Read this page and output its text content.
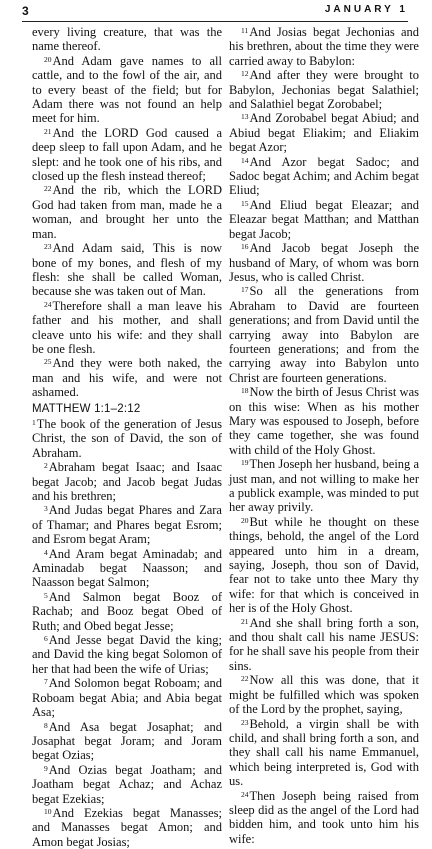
3	JANUARY 1

every living creature, that was the name thereof.

$^{20}$And Adam gave names to all cattle, and to the fowl of the air, and to every beast of the field; but for Adam there was not found an help meet for him.

$^{21}$And the LORD God caused a deep sleep to fall upon Adam, and he slept: and he took one of his ribs, and closed up the flesh instead thereof;

$^{22}$And the rib, which the LORD God had taken from man, made he a woman, and brought her unto the man.

$^{23}$And Adam said, This is now bone of my bones, and flesh of my flesh: she shall be called Woman, because she was taken out of Man.

$^{24}$Therefore shall a man leave his father and his mother, and shall cleave unto his wife: and they shall be one flesh.

$^{25}$And they were both naked, the man and his wife, and were not ashamed.

MATTHEW 1:1–2:12

$^1$The book of the generation of Jesus Christ, the son of David, the son of Abraham.

$^2$Abraham begat Isaac; and Isaac begat Jacob; and Jacob begat Judas and his brethren;

$^3$And Judas begat Phares and Zara of Thamar; and Phares begat Esrom; and Esrom begat Aram;

$^4$And Aram begat Aminadab; and Aminadab begat Naasson; and Naasson begat Salmon;

$^5$And Salmon begat Booz of Rachab; and Booz begat Obed of Ruth; and Obed begat Jesse;

$^6$And Jesse begat David the king; and David the king begat Solomon of her that had been the wife of Urias;

$^7$And Solomon begat Roboam; and Roboam begat Abia; and Abia begat Asa;

$^8$And Asa begat Josaphat; and Josaphat begat Joram; and Joram begat Ozias;

$^9$And Ozias begat Joatham; and Joatham begat Achaz; and Achaz begat Ezekias;

$^{10}$And Ezekias begat Manasses; and Manasses begat Amon; and Amon begat Josias;

$^{11}$And Josias begat Jechonias and his brethren, about the time they were carried away to Babylon:

$^{12}$And after they were brought to Babylon, Jechonias begat Salathiel; and Salathiel begat Zorobabel;

$^{13}$And Zorobabel begat Abiud; and Abiud begat Eliakim; and Eliakim begat Azor;

$^{14}$And Azor begat Sadoc; and Sadoc begat Achim; and Achim begat Eliud;

$^{15}$And Eliud begat Eleazar; and Eleazar begat Matthan; and Matthan begat Jacob;

$^{16}$And Jacob begat Joseph the husband of Mary, of whom was born Jesus, who is called Christ.

$^{17}$So all the generations from Abraham to David are fourteen generations; and from David until the carrying away into Babylon are fourteen generations; and from the carrying away into Babylon unto Christ are fourteen generations.

$^{18}$Now the birth of Jesus Christ was on this wise: When as his mother Mary was espoused to Joseph, before they came together, she was found with child of the Holy Ghost.

$^{19}$Then Joseph her husband, being a just man, and not willing to make her a publick example, was minded to put her away privily.

$^{20}$But while he thought on these things, behold, the angel of the Lord appeared unto him in a dream, saying, Joseph, thou son of David, fear not to take unto thee Mary thy wife: for that which is conceived in her is of the Holy Ghost.

$^{21}$And she shall bring forth a son, and thou shalt call his name JESUS: for he shall save his people from their sins.

$^{22}$Now all this was done, that it might be fulfilled which was spoken of the Lord by the prophet, saying,

$^{23}$Behold, a virgin shall be with child, and shall bring forth a son, and they shall call his name Emmanuel, which being interpreted is, God with us.

$^{24}$Then Joseph being raised from sleep did as the angel of the Lord had bidden him, and took unto him his wife:
